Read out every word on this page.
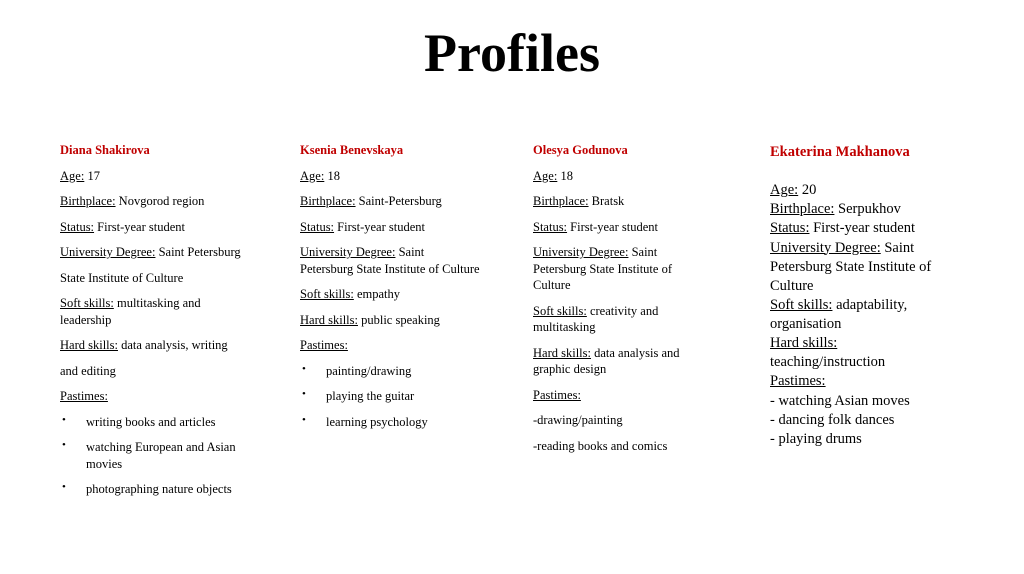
Profiles
Diana Shakirova
Age: 17
Birthplace: Novgorod region
Status: First-year student
University Degree: Saint Petersburg
State Institute of Culture
Soft skills: multitasking and leadership
Hard skills: data analysis, writing
and editing
Pastimes:
• writing books and articles
• watching European and Asian movies
• photographing nature objects
Ksenia Benevskaya
Age: 18
Birthplace: Saint-Petersburg
Status: First-year student
University Degree: Saint Petersburg State Institute of Culture
Soft skills: empathy
Hard skills: public speaking
Pastimes:
• painting/drawing
• playing the guitar
• learning psychology
Olesya Godunova
Age: 18
Birthplace: Bratsk
Status: First-year student
University Degree: Saint Petersburg State Institute of Culture
Soft skills: creativity and multitasking
Hard skills: data analysis and graphic design
Pastimes:
-drawing/painting
-reading books and comics
Ekaterina Makhanova
Age: 20
Birthplace: Serpukhov
Status: First-year student
University Degree: Saint Petersburg State Institute of Culture
Soft skills: adaptability, organisation
Hard skills:
teaching/instruction
Pastimes:
- watching Asian moves
- dancing folk dances
- playing drums
